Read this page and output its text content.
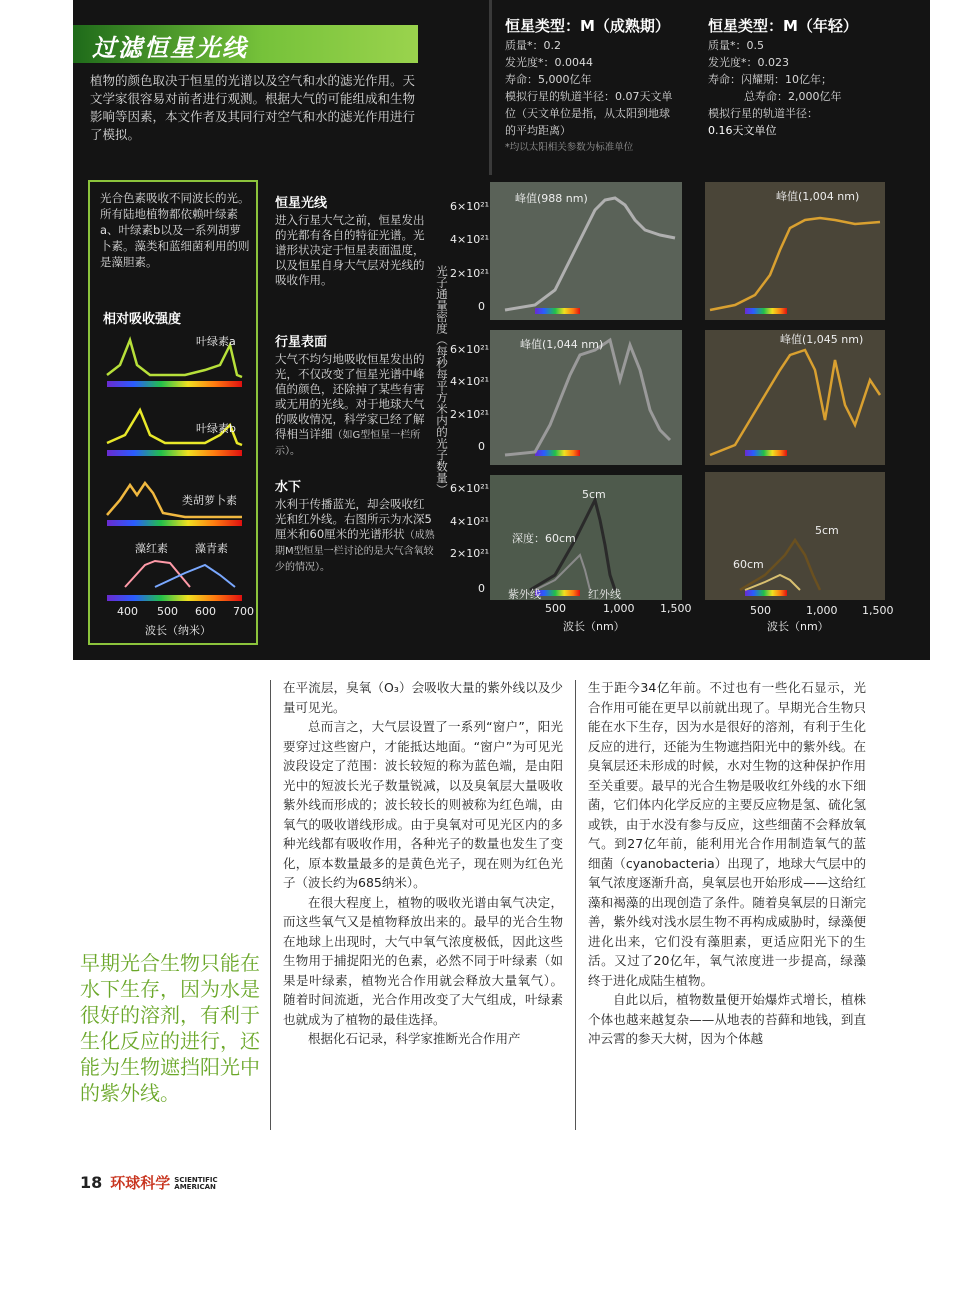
过滤恒星光线
植物的颜色取决于恒星的光谱以及空气和水的滤光作用。天文学家很容易对前者进行观测。根据大气的可能组成和生物影响等因素，本文作者及其同行对空气和水的滤光作用进行了模拟。
恒星类型：M（成熟期）
质量*：0.2
发光度*：0.0044
寿命：5,000亿年
模拟行星的轨道半径：0.07天文单位（天文单位是指，从太阳到地球的平均距离）
*均以太阳相关参数为标准单位
恒星类型：M（年轻）
质量*：0.5
发光度*：0.023
寿命：闪耀期：10亿年；
总寿命：2,000亿年
模拟行星的轨道半径：
0.16天文单位
光合色素吸收不同波长的光。所有陆地植物都依赖叶绿素a、叶绿素b以及一系列胡萝卜素。藻类和蓝细菌利用的则是藻胆素。
相对吸收强度
叶绿素a
叶绿素b
类胡萝卜素
藻红素 藻青素
400 500 600 700
波长（纳米）
恒星光线
进入行星大气之前，恒星发出的光都有各自的特征光谱。光谱形状决定于恒星表面温度，以及恒星自身大气层对光线的吸收作用。
行星表面
大气不均匀地吸收恒星发出的光，不仅改变了恒星光谱中峰值的颜色，还除掉了某些有害或无用的光线。对于地球大气的吸收情况，科学家已经了解得相当详细（如G型恒星一栏所示）。
水下
水利于传播蓝光，却会吸收红光和红外线。右图所示为水深5厘米和60厘米的光谱形状（成熟期M型恒星一栏讨论的是大气含氧较少的情况）。
光子通量密度（每秒每平方米内的光子数量）
峰值(988 nm)	峰值(1,004 nm)
峰值(1,044 nm)	峰值(1,045 nm)
6×10²¹
4×10²¹
2×10²¹
0
6×10²¹
4×10²¹
2×10²¹
0
6×10²¹
4×10²¹
2×10²¹
0
5cm
深度：60cm
紫外线	红外线
5cm
60cm
500	1,000 1,500
波长（nm）
500	1,000 1,500
波长（nm）

在平流层，臭氧（O₃）会吸收大量的紫外线以及少量可见光。

总而言之，大气层设置了一系列“窗户”，阳光要穿过这些窗户，才能抵达地面。“窗户”为可见光波段设定了范围：波长较短的称为蓝色端，是由阳光中的短波长光子数量锐减，以及臭氧层大量吸收紫外线而形成的；波长较长的则被称为红色端，由氧气的吸收谱线形成。由于臭氧对可见光区内的多种光线都有吸收作用，各种光子的数量也发生了变化，原本数量最多的是黄色光子，现在则为红色光子（波长约为685纳米）。

在很大程度上，植物的吸收光谱由氧气决定，而这些氧气又是植物释放出来的。最早的光合生物在地球上出现时，大气中氧气浓度极低，因此这些生物用于捕捉阳光的色素，必然不同于叶绿素（如果是叶绿素，植物光合作用就会释放大量氧气）。随着时间流逝，光合作用改变了大气组成，叶绿素也就成为了植物的最佳选择。

根据化石记录，科学家推断光合作用产

生于距今34亿年前。不过也有一些化石显示，光合作用可能在更早以前就出现了。早期光合生物只能在水下生存，因为水是很好的溶剂，有利于生化反应的进行，还能为生物遮挡阳光中的紫外线。在臭氧层还未形成的时候，水对生物的这种保护作用至关重要。最早的光合生物是吸收红外线的水下细菌，它们体内化学反应的主要反应物是氢、硫化氢或铁，由于水没有参与反应，这些细菌不会释放氧气。到27亿年前，能利用光合作用制造氧气的蓝细菌（cyanobacteria）出现了，地球大气层中的氧气浓度逐渐升高，臭氧层也开始形成——这给红藻和褐藻的出现创造了条件。随着臭氧层的日渐完善，紫外线对浅水层生物不再构成威胁时，绿藻便进化出来，它们没有藻胆素，更适应阳光下的生活。又过了20亿年，氧气浓度进一步提高，绿藻终于进化成陆生植物。

自此以后，植物数量便开始爆炸式增长，植株个体也越来越复杂——从地表的苔藓和地钱，到直冲云霄的参天大树，因为个体越

早期光合生物只能在水下生存，因为水是很好的溶剂，有利于生化反应的进行，还能为生物遮挡阳光中的紫外线。
18 环球科学 SCIENTIFIC
AMERICAN
